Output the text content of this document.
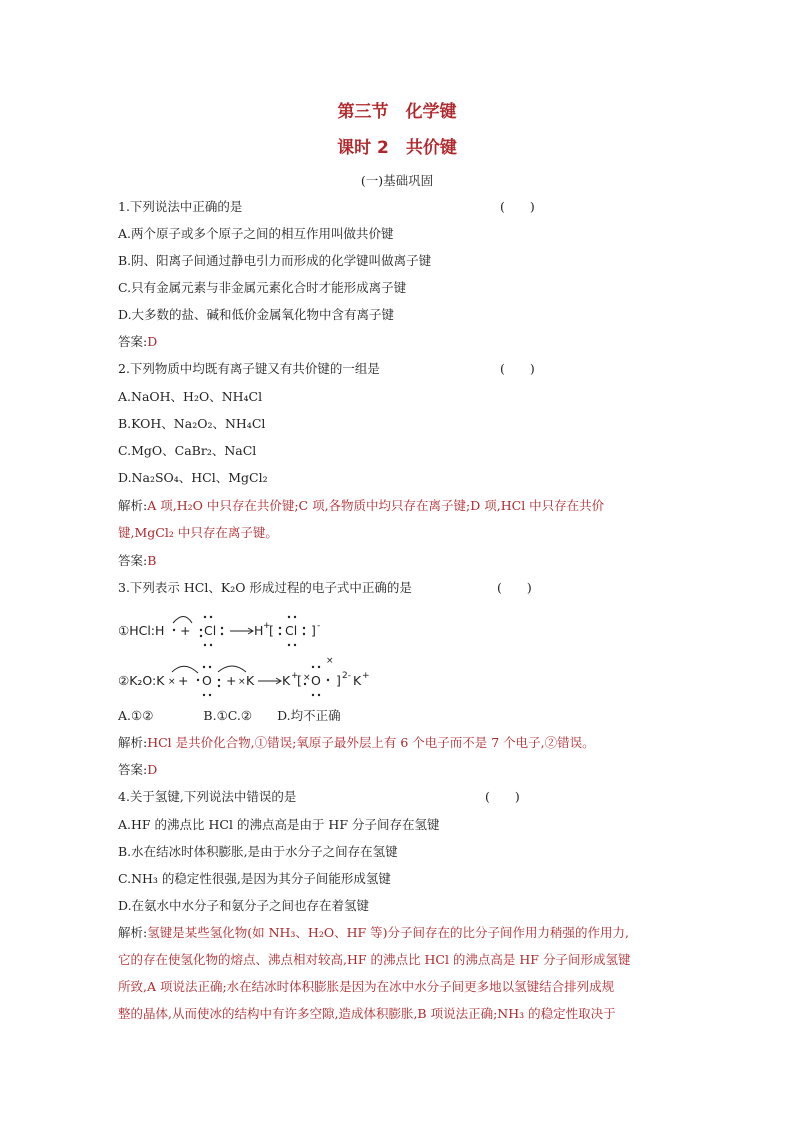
第三节　化学键
课时 2　共价键
(一)基础巩固
1.下列说法中正确的是	(　　)
A.两个原子或多个原子之间的相互作用叫做共价键
B.阴、阳离子间通过静电引力而形成的化学键叫做离子键
C.只有金属元素与非金属元素化合时才能形成离子键
D.大多数的盐、碱和低价金属氧化物中含有离子键
答案:D
2.下列物质中均既有离子键又有共价键的一组是	(　　)
A.NaOH、H₂O、NH₄Cl
B.KOH、Na₂O₂、NH₄Cl
C.MgO、CaBr₂、NaCl
D.Na₂SO₄、HCl、MgCl₂
解析:A 项,H₂O 中只存在共价键;C 项,各物质中均只存在离子键;D 项,HCl 中只存在共价
键,MgCl₂ 中只存在离子键。
答案:B
3.下列表示 HCl、K₂O 形成过程的电子式中正确的是	(　　)
①HCl:H + Cl	H +
[ Cl ] -
②K₂O:K × + O + × K K +
[ × O
×
] 2- K +
A.①②　　　　B.①C.②　　D.均不正确
解析:HCl 是共价化合物,①错误;氧原子最外层上有 6 个电子而不是 7 个电子,②错误。
答案:D
4.关于氢键,下列说法中错误的是	(　　)
A.HF 的沸点比 HCl 的沸点高是由于 HF 分子间存在氢键
B.水在结冰时体积膨胀,是由于水分子之间存在氢键
C.NH₃ 的稳定性很强,是因为其分子间能形成氢键
D.在氨水中水分子和氨分子之间也存在着氢键
解析:氢键是某些氢化物(如 NH₃、H₂O、HF 等)分子间存在的比分子间作用力稍强的作用力,
它的存在使氢化物的熔点、沸点相对较高,HF 的沸点比 HCl 的沸点高是 HF 分子间形成氢键
所致,A 项说法正确;水在结冰时体积膨胀是因为在冰中水分子间更多地以氢键结合排列成规
整的晶体,从而使冰的结构中有许多空隙,造成体积膨胀,B 项说法正确;NH₃ 的稳定性取决于
